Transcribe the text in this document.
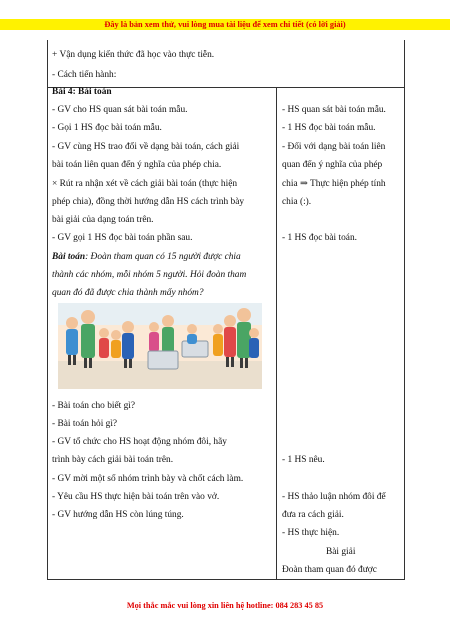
Đây là bản xem thử, vui lòng mua tài liệu để xem chi tiết (có lời giải)
+ Vận dụng kiến thức đã học vào thực tiễn.
- Cách tiến hành:
Bài 4: Bài toán
- GV cho HS quan sát bài toán mẫu.
- Gọi 1 HS đọc bài toán mẫu.
- GV cùng HS trao đổi về dạng bài toán, cách giải
bài toán liên quan đến ý nghĩa của phép chia.
× Rút ra nhận xét về cách giải bài toán (thực hiện
phép chia), đồng thời hướng dẫn HS cách trình bày
bài giải của dạng toán trên.
- GV gọi 1 HS đọc bài toán phần sau.
Bài toán: Đoàn tham quan có 15 người được chia
thành các nhóm, mỗi nhóm 5 người. Hỏi đoàn tham
quan đó đã được chia thành mấy nhóm?
- Bài toán cho biết gì?
- Bài toán hỏi gì?
- GV tổ chức cho HS hoạt động nhóm đôi, hãy
trình bày cách giải bài toán trên.
- GV mời một số nhóm trình bày và chốt cách làm.
- Yêu cầu HS thực hiện bài toán trên vào vở.
- GV hướng dẫn HS còn lúng túng.
- HS quan sát bài toán mẫu.
- 1 HS đọc bài toán mẫu.
- Đối với dạng bài toán liên
quan đến ý nghĩa của phép
chia ⇒ Thực hiện phép tính
chia (:).
- 1 HS đọc bài toán.
- 1 HS nêu.
- HS thảo luận nhóm đôi để
đưa ra cách giải.
- HS thực hiện.
Bài giải
Đoàn tham quan đó được
Mọi thắc mắc vui lòng xin liên hệ hotline: 084 283 45 85
